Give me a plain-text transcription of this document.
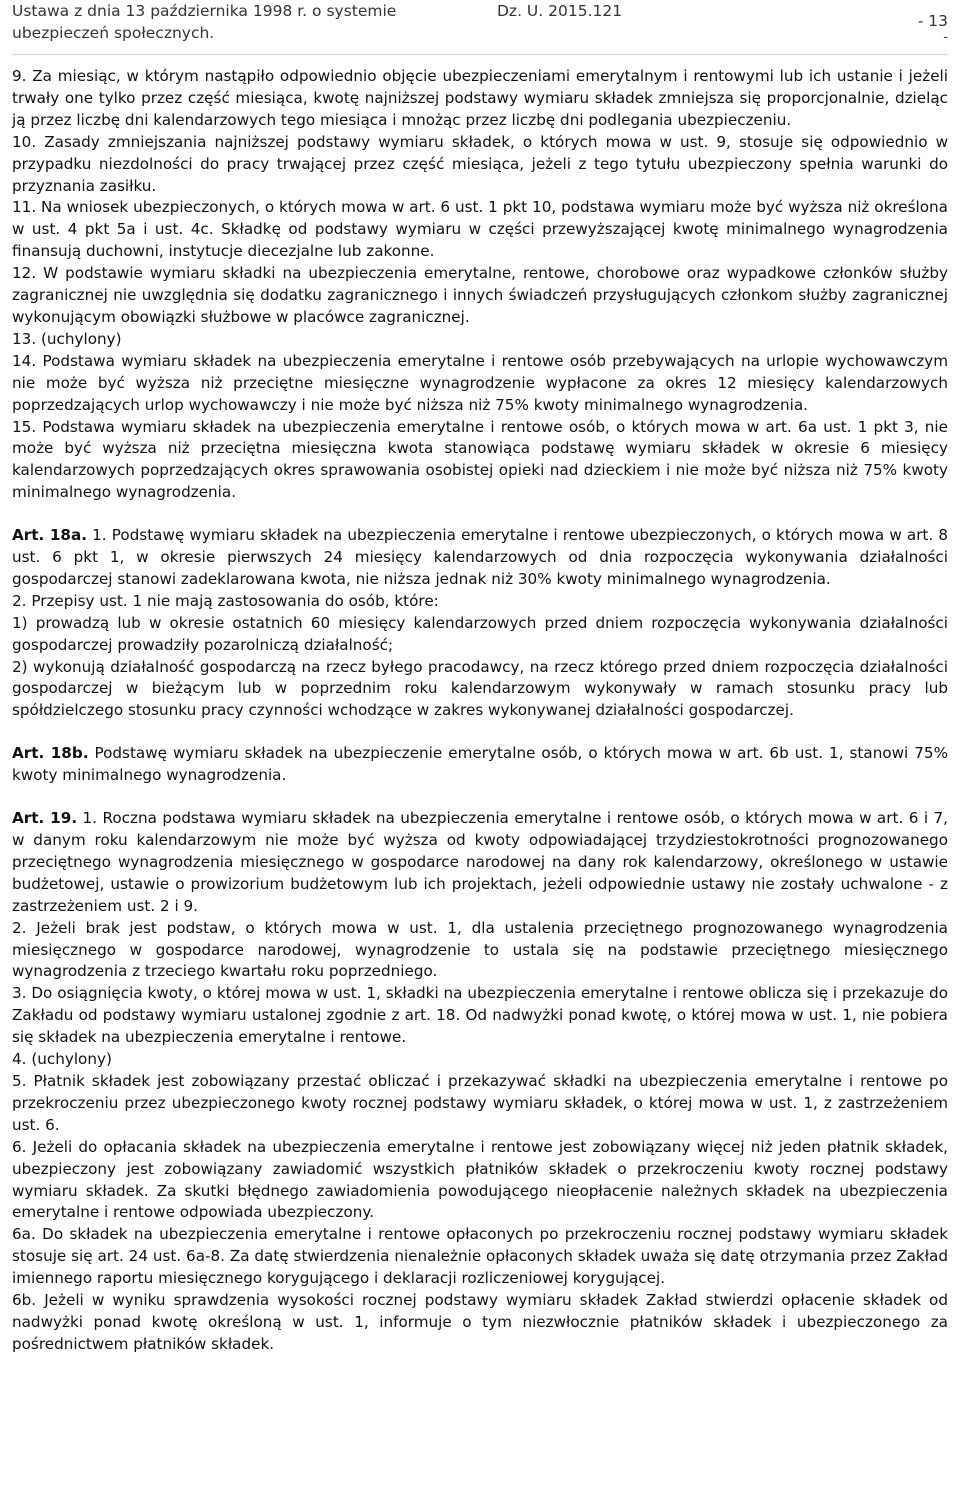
Ustawa z dnia 13 października 1998 r. o systemie
ubezpieczeń społecznych.
Dz. U. 2015.121
- 13
-

9. Za miesiąc, w którym nastąpiło odpowiednio objęcie ubezpieczeniami emerytalnym i rentowymi lub ich ustanie i jeżeli trwały one tylko przez część miesiąca, kwotę najniższej podstawy wymiaru składek zmniejsza się proporcjonalnie, dzieląc ją przez liczbę dni kalendarzowych tego miesiąca i mnożąc przez liczbę dni podlegania ubezpieczeniu.

10. Zasady zmniejszania najniższej podstawy wymiaru składek, o których mowa w ust. 9, stosuje się odpowiednio w przypadku niezdolności do pracy trwającej przez część miesiąca, jeżeli z tego tytułu ubezpieczony spełnia warunki do przyznania zasiłku.

11. Na wniosek ubezpieczonych, o których mowa w art. 6 ust. 1 pkt 10, podstawa wymiaru może być wyższa niż określona w ust. 4 pkt 5a i ust. 4c. Składkę od podstawy wymiaru w części przewyższającej kwotę minimalnego wynagrodzenia finansują duchowni, instytucje diecezjalne lub zakonne.

12. W podstawie wymiaru składki na ubezpieczenia emerytalne, rentowe, chorobowe oraz wypadkowe członków służby zagranicznej nie uwzględnia się dodatku zagranicznego i innych świadczeń przysługujących członkom służby zagranicznej wykonującym obowiązki służbowe w placówce zagranicznej.

13. (uchylony)

14. Podstawa wymiaru składek na ubezpieczenia emerytalne i rentowe osób przebywających na urlopie wychowawczym nie może być wyższa niż przeciętne miesięczne wynagrodzenie wypłacone za okres 12 miesięcy kalendarzowych poprzedzających urlop wychowawczy i nie może być niższa niż 75% kwoty minimalnego wynagrodzenia.

15. Podstawa wymiaru składek na ubezpieczenia emerytalne i rentowe osób, o których mowa w art. 6a ust. 1 pkt 3, nie może być wyższa niż przeciętna miesięczna kwota stanowiąca podstawę wymiaru składek w okresie 6 miesięcy kalendarzowych poprzedzających okres sprawowania osobistej opieki nad dzieckiem i nie może być niższa niż 75% kwoty minimalnego wynagrodzenia.

Art. 18a. 1. Podstawę wymiaru składek na ubezpieczenia emerytalne i rentowe ubezpieczonych, o których mowa w art. 8 ust. 6 pkt 1, w okresie pierwszych 24 miesięcy kalendarzowych od dnia rozpoczęcia wykonywania działalności gospodarczej stanowi zadeklarowana kwota, nie niższa jednak niż 30% kwoty minimalnego wynagrodzenia.

2. Przepisy ust. 1 nie mają zastosowania do osób, które:

1) prowadzą lub w okresie ostatnich 60 miesięcy kalendarzowych przed dniem rozpoczęcia wykonywania działalności gospodarczej prowadziły pozarolniczą działalność;

2) wykonują działalność gospodarczą na rzecz byłego pracodawcy, na rzecz którego przed dniem rozpoczęcia działalności gospodarczej w bieżącym lub w poprzednim roku kalendarzowym wykonywały w ramach stosunku pracy lub spółdzielczego stosunku pracy czynności wchodzące w zakres wykonywanej działalności gospodarczej.

Art. 18b. Podstawę wymiaru składek na ubezpieczenie emerytalne osób, o których mowa w art. 6b ust. 1, stanowi 75% kwoty minimalnego wynagrodzenia.

Art. 19. 1. Roczna podstawa wymiaru składek na ubezpieczenia emerytalne i rentowe osób, o których mowa w art. 6 i 7, w danym roku kalendarzowym nie może być wyższa od kwoty odpowiadającej trzydziestokrotności prognozowanego przeciętnego wynagrodzenia miesięcznego w gospodarce narodowej na dany rok kalendarzowy, określonego w ustawie budżetowej, ustawie o prowizorium budżetowym lub ich projektach, jeżeli odpowiednie ustawy nie zostały uchwalone - z zastrzeżeniem ust. 2 i 9.

2. Jeżeli brak jest podstaw, o których mowa w ust. 1, dla ustalenia przeciętnego prognozowanego wynagrodzenia miesięcznego w gospodarce narodowej, wynagrodzenie to ustala się na podstawie przeciętnego miesięcznego wynagrodzenia z trzeciego kwartału roku poprzedniego.

3. Do osiągnięcia kwoty, o której mowa w ust. 1, składki na ubezpieczenia emerytalne i rentowe oblicza się i przekazuje do Zakładu od podstawy wymiaru ustalonej zgodnie z art. 18. Od nadwyżki ponad kwotę, o której mowa w ust. 1, nie pobiera się składek na ubezpieczenia emerytalne i rentowe.

4. (uchylony)

5. Płatnik składek jest zobowiązany przestać obliczać i przekazywać składki na ubezpieczenia emerytalne i rentowe po przekroczeniu przez ubezpieczonego kwoty rocznej podstawy wymiaru składek, o której mowa w ust. 1, z zastrzeżeniem ust. 6.

6. Jeżeli do opłacania składek na ubezpieczenia emerytalne i rentowe jest zobowiązany więcej niż jeden płatnik składek, ubezpieczony jest zobowiązany zawiadomić wszystkich płatników składek o przekroczeniu kwoty rocznej podstawy wymiaru składek. Za skutki błędnego zawiadomienia powodującego nieopłacenie należnych składek na ubezpieczenia emerytalne i rentowe odpowiada ubezpieczony.

6a. Do składek na ubezpieczenia emerytalne i rentowe opłaconych po przekroczeniu rocznej podstawy wymiaru składek stosuje się art. 24 ust. 6a-8. Za datę stwierdzenia nienależnie opłaconych składek uważa się datę otrzymania przez Zakład imiennego raportu miesięcznego korygującego i deklaracji rozliczeniowej korygującej.

6b. Jeżeli w wyniku sprawdzenia wysokości rocznej podstawy wymiaru składek Zakład stwierdzi opłacenie składek od nadwyżki ponad kwotę określoną w ust. 1, informuje o tym niezwłocznie płatników składek i ubezpieczonego za pośrednictwem płatników składek.
